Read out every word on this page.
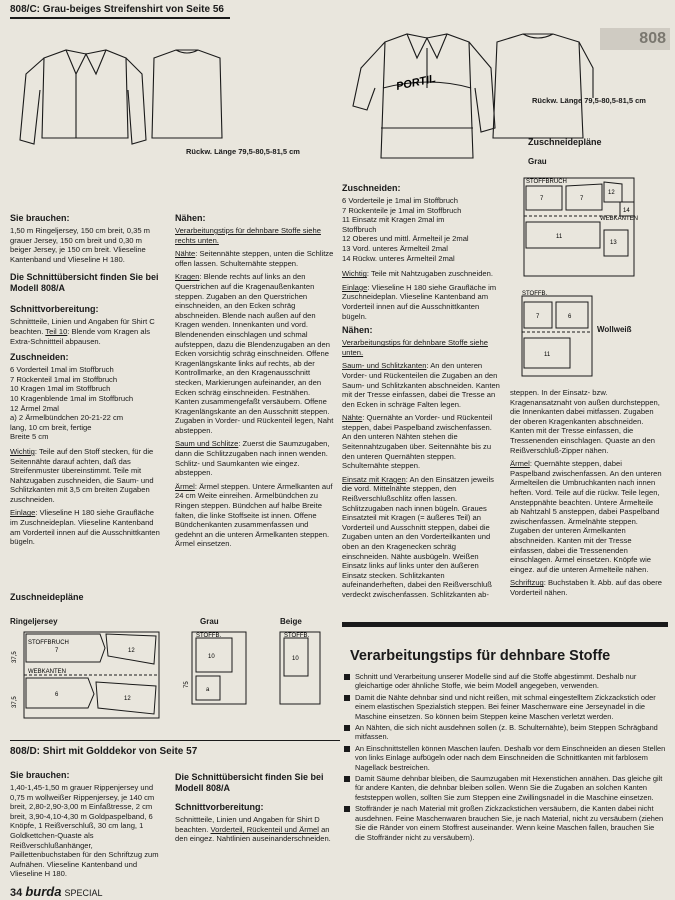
808/C: Grau-beiges Streifenshirt von Seite 56
Rückw. Länge 79,5-80,5-81,5 cm
Sie brauchen:

1,50 m Ringeljersey, 150 cm breit, 0,35 m grauer Jersey, 150 cm breit und 0,30 m beiger Jersey, je 150 cm breit. Vlieseline Kantenband und Vlieseline H 180.

Die Schnittübersicht finden Sie bei Modell 808/A
Schnittvorbereitung:

Schnittteile, Linien und Angaben für Shirt C beachten. Teil 10: Blende vom Kragen als Extra-Schnittteil abpausen.

Zuschneiden:
6 Vorderteil 1mal im Stoffbruch
7 Rückenteil 1mal im Stoffbruch
10 Kragen 1mal im Stoffbruch
10 Kragenblende 1mal im Stoffbruch
12 Ärmel 2mal
a) 2 Ärmelbündchen 20-21-22 cm
lang, 10 cm breit, fertige
Breite 5 cm

Wichtig: Teile auf den Stoff stecken, für die Seitennähte darauf achten, daß das Streifenmuster übereinstimmt. Teile mit Nahtzugaben zuschneiden, die Saum- und Schlitzkanten mit 3,5 cm breiten Zugaben zuschneiden.

Einlage: Vlieseline H 180 siehe Graufläche im Zuschneideplan. Vlieseline Kantenband am Vorderteil innen auf die Ausschnittkanten bügeln.

Nähen:

Verarbeitungstips für dehnbare Stoffe siehe rechts unten.

Nähte: Seitennähte steppen, unten die Schlitze offen lassen. Schulternähte steppen.

Kragen: Blende rechts auf links an den Querstrichen auf die Kragenaußenkanten steppen. Zugaben an den Querstrichen einschneiden, an den Ecken schräg abschneiden. Blende nach außen auf den Kragen wenden. Innenkanten und vord. Blendenenden einschlagen und schmal aufsteppen, dazu die Blendenzugaben an den Ecken vorsichtig schräg einschneiden. Offene Kragenlängskante links auf rechts, ab der Kontrollmarke, an den Kragenausschnitt stecken, Markierungen aufeinander, an den Ecken schräg einschneiden. Festnähen. Kanten zusammengefaßt versäubern. Offene Kragenlängskante an den Ausschnitt steppen. Zugaben in Vorder- und Rückenteil legen, Naht absteppen.

Saum und Schlitze: Zuerst die Saumzugaben, dann die Schlitzzugaben nach innen wenden. Schlitz- und Saumkanten wie eingez. absteppen.

Ärmel: Ärmel steppen. Untere Ärmelkanten auf 24 cm Weite einreihen. Ärmelbündchen zu Ringen steppen. Bündchen auf halbe Breite falten, die linke Stoffseite ist innen. Offene Bündchenkanten zusammenfassen und gedehnt an die unteren Ärmelkanten steppen. Ärmel einsetzen.

Zuschneidepläne
Ringeljersey	Grau	Beige
STOFFBRUCH
WEBKANTEN
7	12
6
12
37,5
37,5
STOFFB.
10
a
75
STOFFB.
10
808/D: Shirt mit Golddekor von Seite 57
Sie brauchen:

1,40-1,45-1,50 m grauer Rippenjersey und 0,75 m wollweißer Rippenjersey, je 140 cm breit, 2,80-2,90-3,00 m Einfaßtresse, 2 cm breit, 3,90-4,10-4,30 m Goldpaspelband, 6 Knöpfe, 1 Reißverschluß, 30 cm lang, 1 Goldkettchen-Quaste als Reißverschlußanhänger, Paillettenbuchstaben für den Schriftzug zum Aufnähen. Vlieseline Kantenband und Vlieseline H 180.

Die Schnittübersicht finden Sie bei Modell 808/A
Schnittvorbereitung:

Schnittteile, Linien und Angaben für Shirt D beachten. Vorderteil, Rückenteil und Ärmel an den eingez. Nahtlinien auseinanderschneiden.

34 burda SPECIAL
808
PORTIL
Rückw. Länge 79,5-80,5-81,5 cm
Zuschneidepläne
Grau
STOFFBRUCH
WEBKANTEN
7	7
12
14
11
13
Wollweiß
STOFFB.
7	6
11
Zuschneiden:
6 Vorderteile je 1mal im Stoffbruch
7 Rückenteile je 1mal im Stoffbruch
11 Einsatz mit Kragen 2mal im
Stoffbruch
12 Oberes und mittl. Ärmelteil je 2mal
13 Vord. unteres Ärmelteil 2mal
14 Rückw. unteres Ärmelteil 2mal

Wichtig: Teile mit Nahtzugaben zuschneiden.

Einlage: Vlieseline H 180 siehe Graufläche im Zuschneideplan. Vlieseline Kantenband am Vorderteil innen auf die Ausschnittkanten bügeln.

Nähen:

Verarbeitungstips für dehnbare Stoffe siehe unten.

Saum- und Schlitzkanten: An den unteren Vorder- und Rückenteilen die Zugaben an den Saum- und Schlitzkanten abschneiden. Kanten mit der Tresse einfassen, dabei die Tresse an den Ecken in schräge Falten legen.

Nähte: Quernähte an Vorder- und Rückenteil steppen, dabei Paspelband zwischenfassen. An den unteren Nähten stehen die Seitennahtzugaben über. Seitennähte bis zu den unteren Quernähten steppen. Schulternähte steppen.

Einsatz mit Kragen: An den Einsätzen jeweils die vord. Mittelnähte steppen, den Reißverschlußschlitz offen lassen. Schlitzzugaben nach innen bügeln. Graues Einsatzteil mit Kragen (= äußeres Teil) an Vorderteil und Ausschnitt steppen, dabei die Zugaben unten an den Vorderteilkanten und oben an den Kragenecken schräg einschneiden. Nähte ausbügeln. Weißen Einsatz links auf links unter den äußeren Einsatz stecken. Schlitzkanten aufeinanderheften, dabei den Reißverschluß verdeckt zwischenfassen. Schlitzkanten ab-

steppen. In der Einsatz- bzw. Kragenansatznaht von außen durchsteppen, die Innenkanten dabei mitfassen. Zugaben der oberen Kragenkanten abschneiden. Kanten mit der Tresse einfassen, die Tressenenden einschlagen. Quaste an den Reißverschluß-Zipper nähen.

Ärmel: Quernähte steppen, dabei Paspelband zwischenfassen. An den unteren Ärmelteilen die Umbruchkanten nach innen heften. Vord. Teile auf die rückw. Teile legen, Ansteppnähte beachten. Untere Ärmelteile ab Nahtzahl 5 ansteppen, dabei Paspelband zwischenfassen. Ärmelnähte steppen. Zugaben der unteren Ärmelkanten abschneiden. Kanten mit der Tresse einfassen, dabei die Tressenenden einschlagen. Ärmel einsetzen. Knöpfe wie eingez. auf die unteren Ärmelteile nähen.

Schriftzug: Buchstaben lt. Abb. auf das obere Vorderteil nähen.

Verarbeitungstips für dehnbare Stoffe
Schnitt und Verarbeitung unserer Modelle sind auf die Stoffe abgestimmt. Deshalb nur gleichartige oder ähnliche Stoffe, wie beim Modell angegeben, verwenden.
Damit die Nähte dehnbar sind und nicht reißen, mit schmal eingestelltem Zickzackstich oder einem elastischen Spezialstich steppen. Bei feiner Maschenware eine Jerseynadel in die Maschine einsetzen. So können beim Steppen keine Maschen verletzt werden.
An Nähten, die sich nicht ausdehnen sollen (z. B. Schulternähte), beim Steppen Schrägband mitfassen.
An Einschnittstellen können Maschen laufen. Deshalb vor dem Einschneiden an diesen Stellen von links Einlage aufbügeln oder nach dem Einschneiden die Schnittkanten mit farblosem Nagellack bestreichen.
Damit Säume dehnbar bleiben, die Saumzugaben mit Hexenstichen annähen. Das gleiche gilt für andere Kanten, die dehnbar bleiben sollen. Wenn Sie die Zugaben an solchen Kanten feststeppen wollen, sollten Sie zum Steppen eine Zwillingsnadel in die Maschine einsetzen.
Stoffränder je nach Material mit großen Zickzackstichen versäubern, die Kanten dabei nicht ausdehnen. Feine Maschenwaren brauchen Sie, je nach Material, nicht zu versäubern (ziehen Sie die Ränder von einem Stoffrest auseinander. Wenn keine Maschen fallen, brauchen Sie die Stoffränder nicht zu versäubern).
